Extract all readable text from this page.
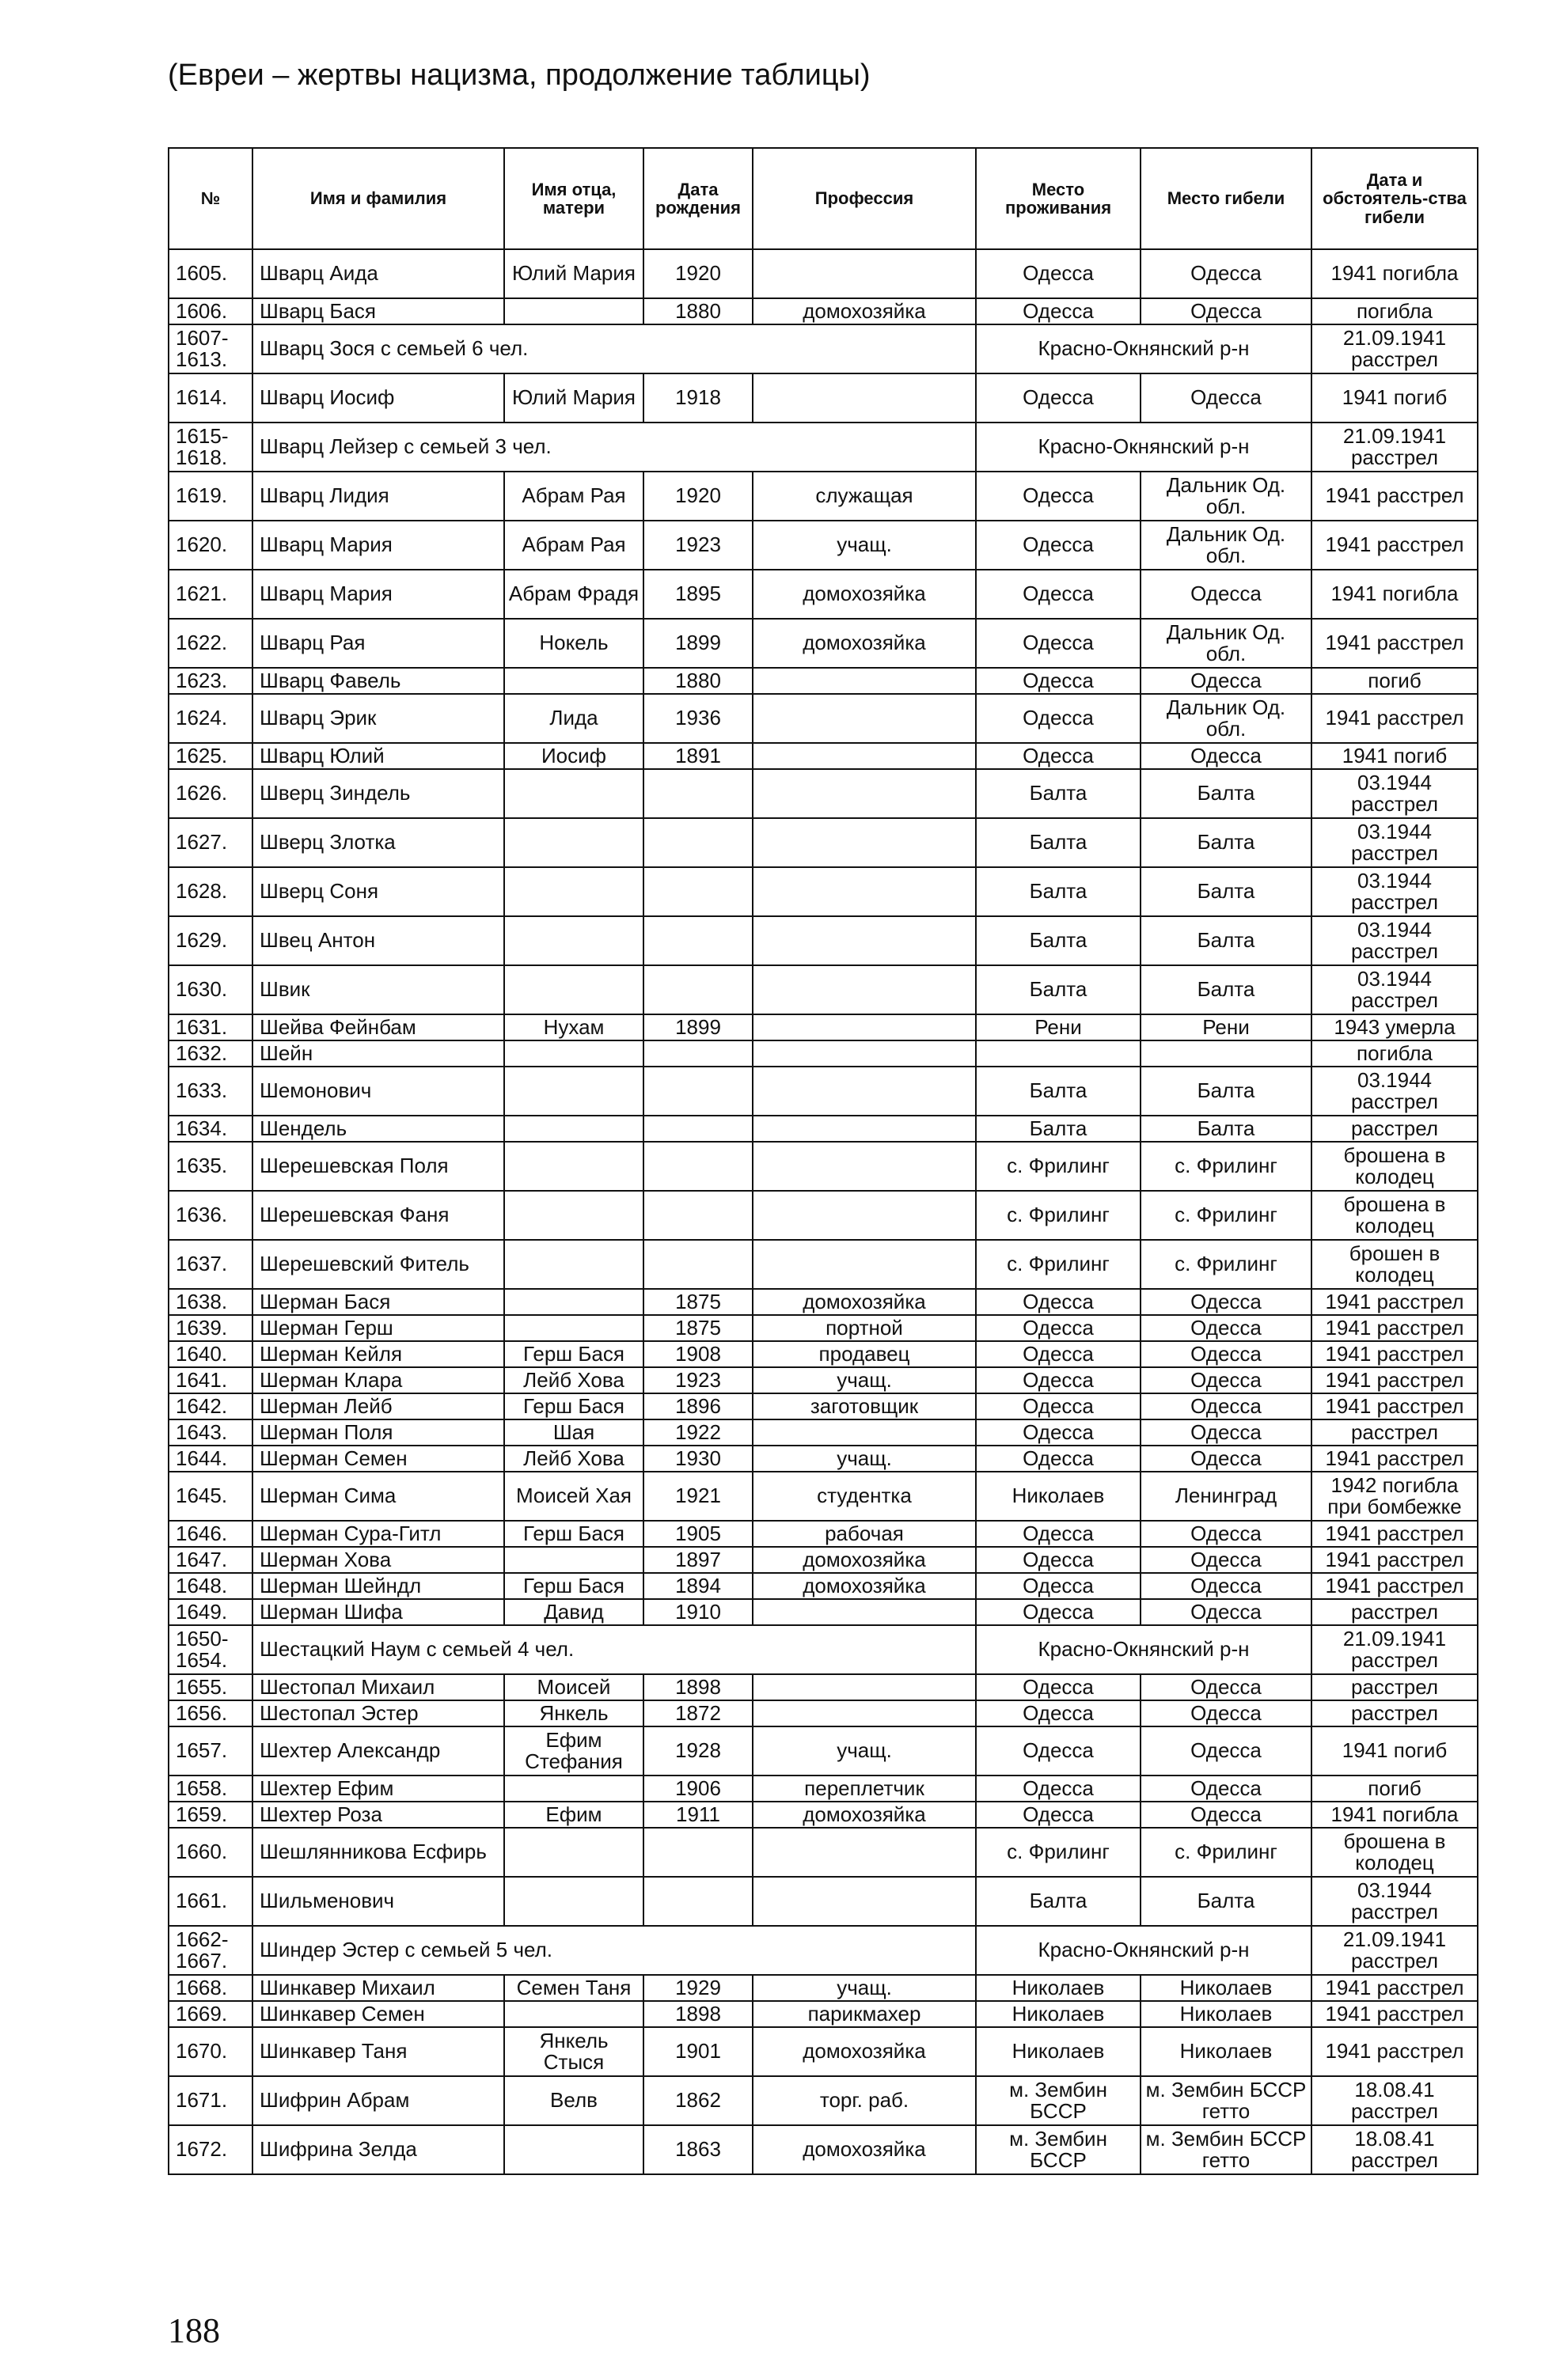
(Евреи – жертвы нацизма, продолжение таблицы)
№	Имя и фамилия	Имя отца, матери	Дата рождения	Профессия	Место проживания	Место гибели	Дата и обстоятель-ства гибели
1605.	Шварц Аида	Юлий Мария	1920		Одесса	Одесса	1941 погибла
1606.	Шварц Бася		1880	домохозяйка	Одесса	Одесса	погибла
1607-1613.	Шварц Зося с семьей 6 чел.				Красно-Окнянский р-н		21.09.1941 расстрел
1614.	Шварц Иосиф	Юлий Мария	1918		Одесса	Одесса	1941 погиб
1615-1618.	Шварц Лейзер с семьей 3 чел.				Красно-Окнянский р-н		21.09.1941 расстрел
1619.	Шварц Лидия	Абрам Рая	1920	служащая	Одесса	Дальник Од. обл.	1941 расстрел
1620.	Шварц Мария	Абрам Рая	1923	учащ.	Одесса	Дальник Од. обл.	1941 расстрел
1621.	Шварц Мария	Абрам Фрадя	1895	домохозяйка	Одесса	Одесса	1941 погибла
1622.	Шварц Рая	Нокель	1899	домохозяйка	Одесса	Дальник Од. обл.	1941 расстрел
1623.	Шварц Фавель		1880		Одесса	Одесса	погиб
1624.	Шварц Эрик	Лида	1936		Одесса	Дальник Од. обл.	1941 расстрел
1625.	Шварц Юлий	Иосиф	1891		Одесса	Одесса	1941 погиб
1626.	Шверц Зиндель				Балта	Балта	03.1944 расстрел
1627.	Шверц Злотка				Балта	Балта	03.1944 расстрел
1628.	Шверц Соня				Балта	Балта	03.1944 расстрел
1629.	Швец Антон				Балта	Балта	03.1944 расстрел
1630.	Швик				Балта	Балта	03.1944 расстрел
1631.	Шейва Фейнбам	Нухам	1899		Рени	Рени	1943 умерла
1632.	Шейн						погибла
1633.	Шемонович				Балта	Балта	03.1944 расстрел
1634.	Шендель				Балта	Балта	расстрел
1635.	Шерешевская Поля				с. Фрилинг	с. Фрилинг	брошена в колодец
1636.	Шерешевская Фаня				с. Фрилинг	с. Фрилинг	брошена в колодец
1637.	Шерешевский Фитель				с. Фрилинг	с. Фрилинг	брошен в колодец
1638.	Шерман Бася		1875	домохозяйка	Одесса	Одесса	1941 расстрел
1639.	Шерман Герш		1875	портной	Одесса	Одесса	1941 расстрел
1640.	Шерман Кейля	Герш Бася	1908	продавец	Одесса	Одесса	1941 расстрел
1641.	Шерман Клара	Лейб Хова	1923	учащ.	Одесса	Одесса	1941 расстрел
1642.	Шерман Лейб	Герш Бася	1896	заготовщик	Одесса	Одесса	1941 расстрел
1643.	Шерман Поля	Шая	1922		Одесса	Одесса	расстрел
1644.	Шерман Семен	Лейб Хова	1930	учащ.	Одесса	Одесса	1941 расстрел
1645.	Шерман Сима	Моисей Хая	1921	студентка	Николаев	Ленинград	1942 погибла при бомбежке
1646.	Шерман Сура-Гитл	Герш Бася	1905	рабочая	Одесса	Одесса	1941 расстрел
1647.	Шерман Хова		1897	домохозяйка	Одесса	Одесса	1941 расстрел
1648.	Шерман Шейндл	Герш Бася	1894	домохозяйка	Одесса	Одесса	1941 расстрел
1649.	Шерман Шифа	Давид	1910		Одесса	Одесса	расстрел
1650-1654.	Шестацкий Наум с семьей 4 чел.				Красно-Окнянский р-н		21.09.1941 расстрел
1655.	Шестопал Михаил	Моисей	1898		Одесса	Одесса	расстрел
1656.	Шестопал Эстер	Янкель	1872		Одесса	Одесса	расстрел
1657.	Шехтер Александр	Ефим Стефания	1928	учащ.	Одесса	Одесса	1941 погиб
1658.	Шехтер Ефим		1906	переплетчик	Одесса	Одесса	погиб
1659.	Шехтер Роза	Ефим	1911	домохозяйка	Одесса	Одесса	1941 погибла
1660.	Шешлянникова Есфирь				с. Фрилинг	с. Фрилинг	брошена в колодец
1661.	Шильменович				Балта	Балта	03.1944 расстрел
1662-1667.	Шиндер Эстер с семьей 5 чел.				Красно-Окнянский р-н		21.09.1941 расстрел
1668.	Шинкавер Михаил	Семен Таня	1929	учащ.	Николаев	Николаев	1941 расстрел
1669.	Шинкавер Семен		1898	парикмахер	Николаев	Николаев	1941 расстрел
1670.	Шинкавер Таня	Янкель Стыся	1901	домохозяйка	Николаев	Николаев	1941 расстрел
1671.	Шифрин Абрам	Велв	1862	торг. раб.	м. Зембин БССР	м. Зембин БССР гетто	18.08.41 расстрел
1672.	Шифрина Зелда		1863	домохозяйка	м. Зембин БССР	м. Зембин БССР гетто	18.08.41 расстрел
188
